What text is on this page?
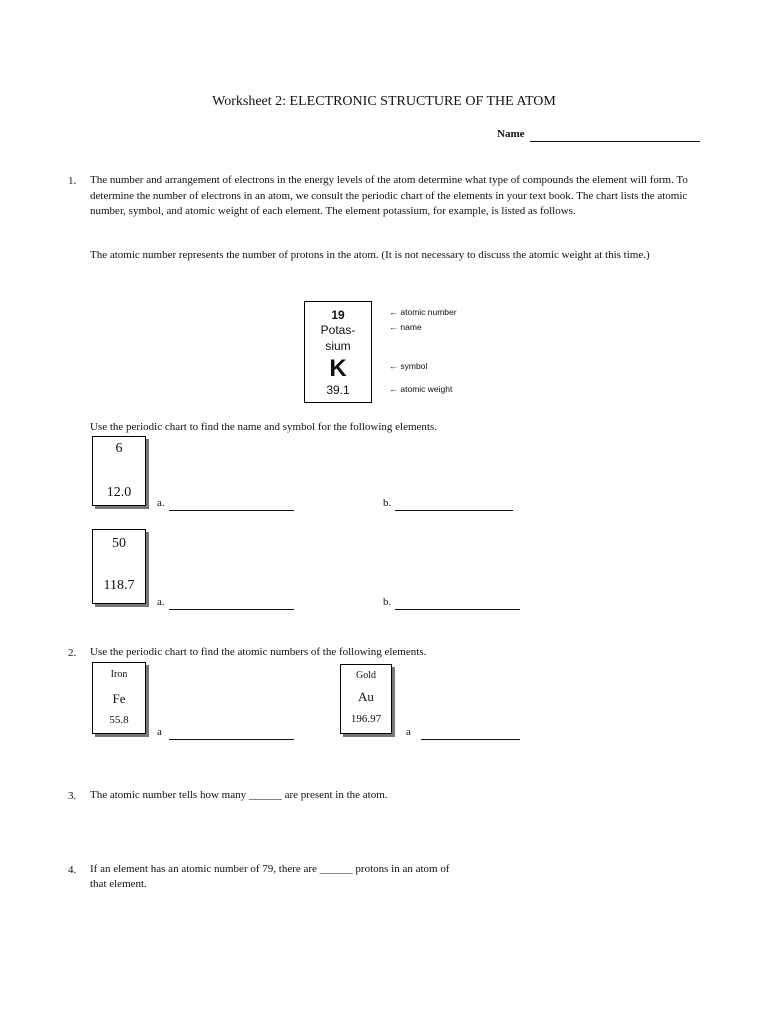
Worksheet 2: ELECTRONIC STRUCTURE OF THE ATOM
Name
1. The number and arrangement of electrons in the energy levels of the atom determine what type of compounds the element will form. To determine the number of electrons in an atom, we consult the periodic chart of the elements in your text book. The chart lists the atomic number, symbol, and atomic weight of each element. The element potassium, for example, is listed as follows.
The atomic number represents the number of protons in the atom. (It is not necessary to discuss the atomic weight at this time.)
19
Potas-
sium
K
39.1
← atomic number
← name
← symbol
← atomic weight
Use the periodic chart to find the name and symbol for the following elements.
6
12.0
a.	b.
50
118.7
a.	b.
2. Use the periodic chart to find the atomic numbers of the following elements.
Iron
Fe
55.8
a
Gold
Au
196.97
a
3. The atomic number tells how many ______ are present in the atom.
4. If an element has an atomic number of 79, there are ______ protons in an atom of
that element.
